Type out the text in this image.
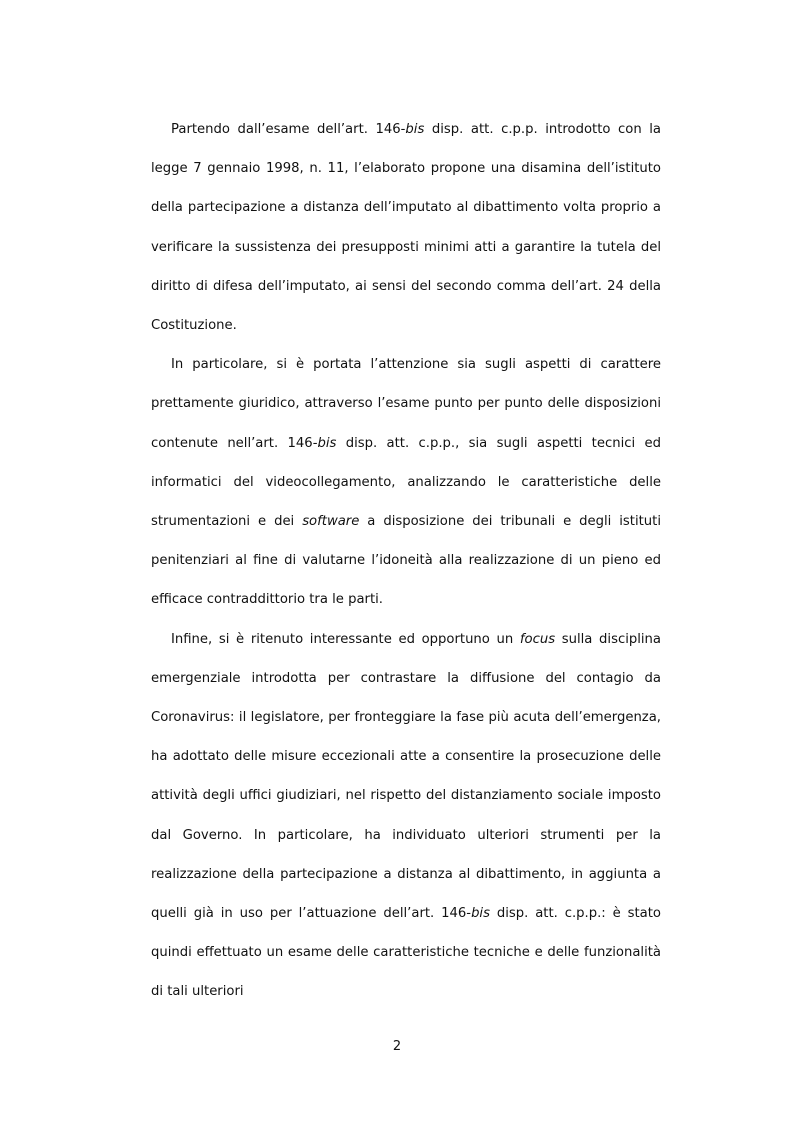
Partendo dall’esame dell’art. 146-bis disp. att. c.p.p. introdotto con la legge 7 gennaio 1998, n. 11, l’elaborato propone una disamina dell’istituto della partecipazione a distanza dell’imputato al dibattimento volta proprio a verificare la sussistenza dei presupposti minimi atti a garantire la tutela del diritto di difesa dell’imputato, ai sensi del secondo comma dell’art. 24 della Costituzione.

In particolare, si è portata l’attenzione sia sugli aspetti di carattere prettamente giuridico, attraverso l’esame punto per punto delle disposizioni contenute nell’art. 146-bis disp. att. c.p.p., sia sugli aspetti tecnici ed informatici del videocollegamento, analizzando le caratteristiche delle strumentazioni e dei software a disposizione dei tribunali e degli istituti penitenziari al fine di valutarne l’idoneità alla realizzazione di un pieno ed efficace contraddittorio tra le parti.

Infine, si è ritenuto interessante ed opportuno un focus sulla disciplina emergenziale introdotta per contrastare la diffusione del contagio da Coronavirus: il legislatore, per fronteggiare la fase più acuta dell’emergenza, ha adottato delle misure eccezionali atte a consentire la prosecuzione delle attività degli uffici giudiziari, nel rispetto del distanziamento sociale imposto dal Governo. In particolare, ha individuato ulteriori strumenti per la realizzazione della partecipazione a distanza al dibattimento, in aggiunta a quelli già in uso per l’attuazione dell’art. 146-bis disp. att. c.p.p.: è stato quindi effettuato un esame delle caratteristiche tecniche e delle funzionalità di tali ulteriori

2
